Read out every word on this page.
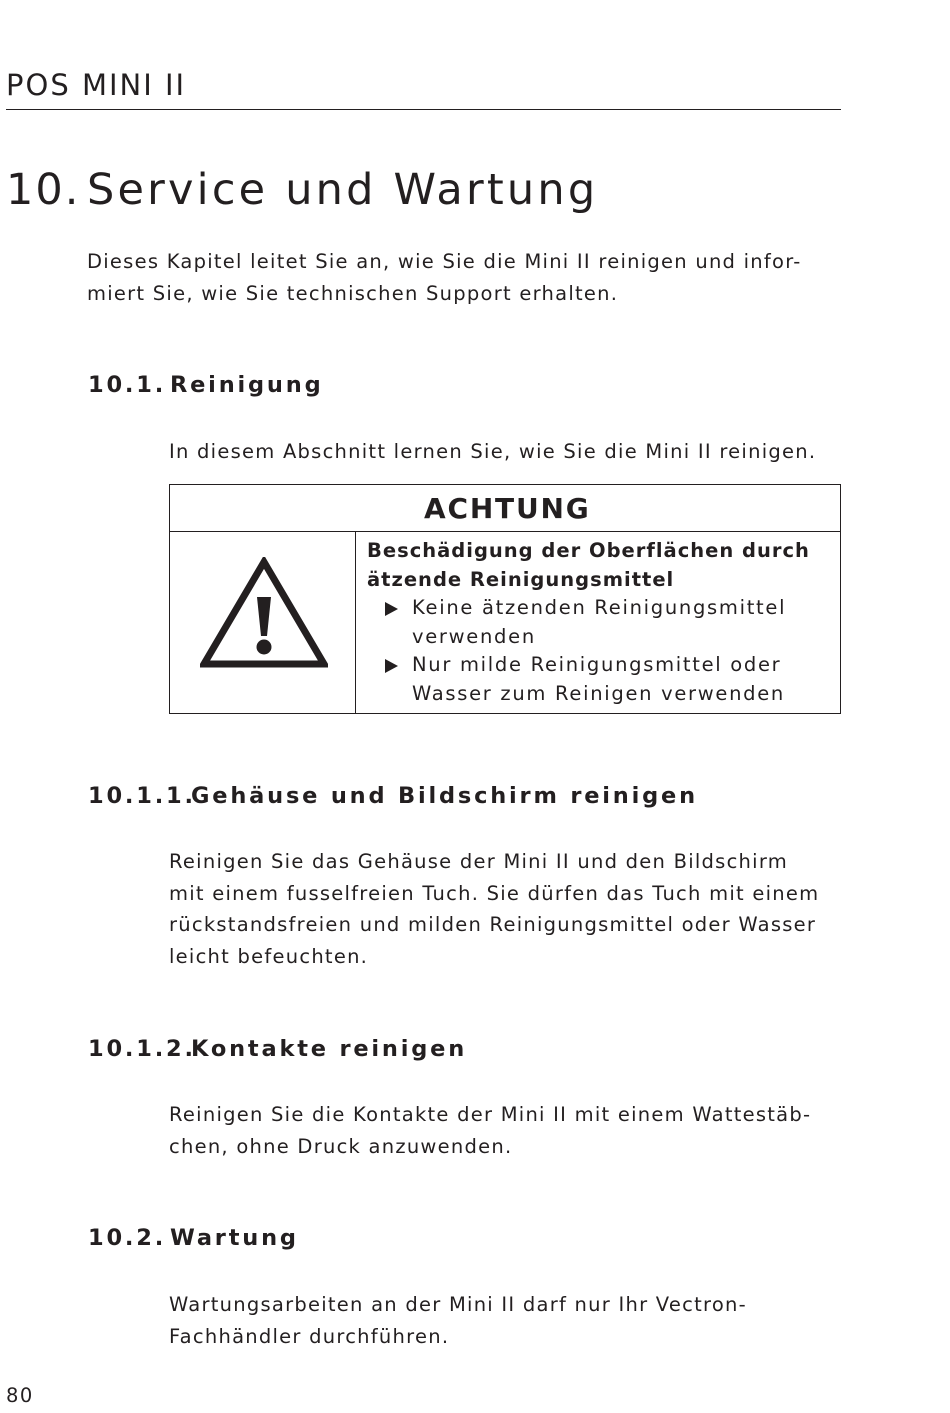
POS MINI II
10. Service und Wartung
Dieses Kapitel leitet Sie an, wie Sie die Mini II reinigen und infor-
miert Sie, wie Sie technischen Support erhalten.
10.1. Reinigung
In diesem Abschnitt lernen Sie, wie Sie die Mini II reinigen.
ACHTUNG
Beschädigung der Oberflächen durch
ätzende Reinigungsmittel
Keine ätzenden Reinigungsmittel
verwenden
Nur milde Reinigungsmittel oder
Wasser zum Reinigen verwenden
10.1.1.Gehäuse und Bildschirm reinigen
Reinigen Sie das Gehäuse der Mini II und den Bildschirm
mit einem fusselfreien Tuch. Sie dürfen das Tuch mit einem
rückstandsfreien und milden Reinigungsmittel oder Wasser
leicht befeuchten.
10.1.2.Kontakte reinigen
Reinigen Sie die Kontakte der Mini II mit einem Wattestäb-
chen, ohne Druck anzuwenden.
10.2. Wartung
Wartungsarbeiten an der Mini II darf nur Ihr Vectron-
Fachhändler durchführen.
80
